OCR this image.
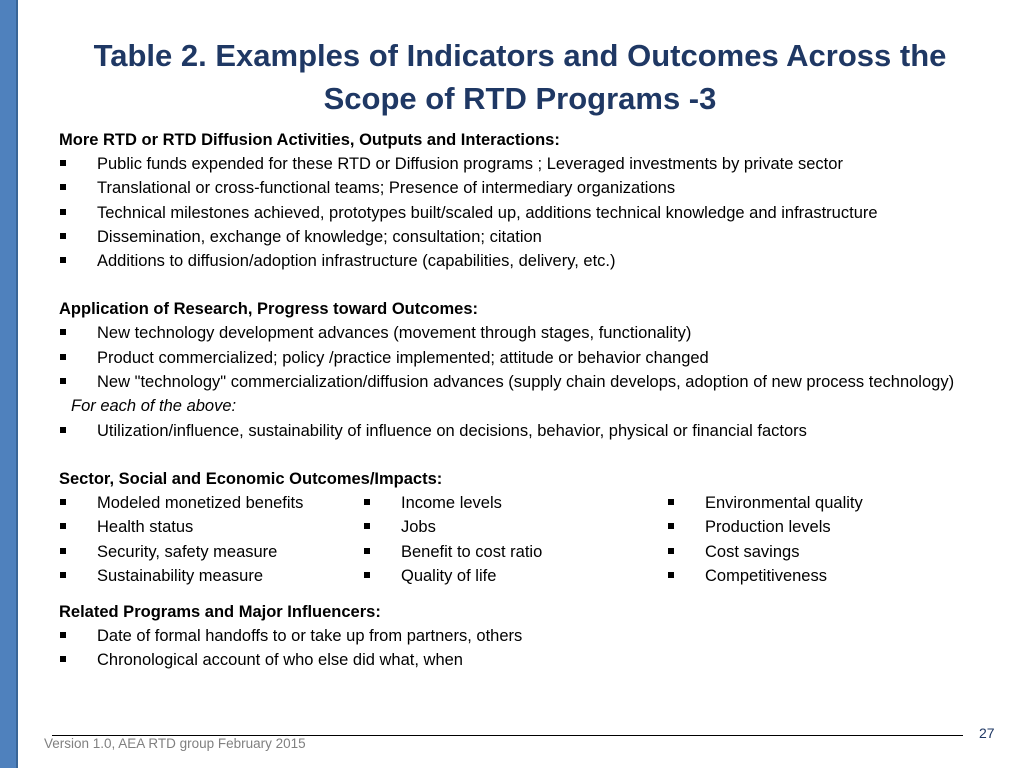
Table 2. Examples of Indicators and Outcomes Across the Scope of RTD Programs -3
More RTD or RTD Diffusion Activities, Outputs and Interactions:
Public funds expended for these RTD or Diffusion programs ; Leveraged investments by private sector
Translational or cross-functional teams; Presence of intermediary organizations
Technical milestones achieved, prototypes built/scaled up, additions technical knowledge and infrastructure
Dissemination, exchange of knowledge; consultation; citation
Additions to diffusion/adoption infrastructure (capabilities, delivery, etc.)
Application of Research, Progress toward Outcomes:
New technology development advances (movement through stages, functionality)
Product commercialized; policy /practice implemented; attitude or behavior changed
New "technology" commercialization/diffusion advances (supply chain develops, adoption of new process technology)
For each of the above:
Utilization/influence, sustainability of influence on decisions, behavior, physical or financial factors
Sector, Social and Economic Outcomes/Impacts:
Modeled monetized benefits
Health status
Security, safety measure
Sustainability measure
Income levels
Jobs
Benefit to cost ratio
Quality of life
Environmental quality
Production levels
Cost savings
Competitiveness
Related Programs and Major Influencers:
Date of formal handoffs to or take up from partners, others
Chronological account of who else did what, when
Version 1.0, AEA RTD group February 2015
27
